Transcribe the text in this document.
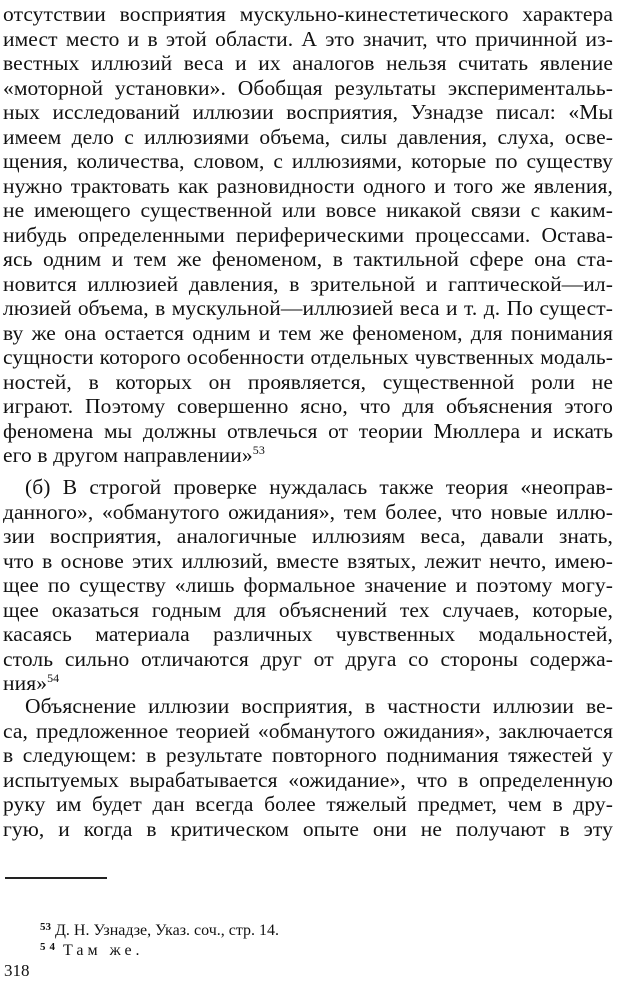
отсутствии восприятия мускульно-кинестетического характера
имест место и в этой области. А это значит, что причинной из-
вестных иллюзий веса и их аналогов нельзя считать явление
«моторной установки». Обобщая результаты экспериментальь-
ных исследований иллюзии восприятия, Узнадзе писал: «Мы
имеем дело с иллюзиями объема, силы давления, слуха, освe-
щения, количества, словом, с иллюзиями, которые по существу
нужно трактовать как разновидности одного и того же явления,
не имеющего существенной или вовсе никакой связи с каким-
нибудь определенными периферическими процессами. Остава-
ясь одним и тем же феноменом, в тактильной сфере она ста-
новится иллюзией давления, в зрительной и гаптической—ил-
люзией объема, в мускульной—иллюзией веса и т. д. По сущест-
ву же она остается одним и тем же феноменом, для понимания
сущности которого особенности отдельных чувственных модаль-
ностей, в которых он проявляется, существенной роли не
играют. Поэтому совершенно ясно, что для объяснения этого
феномена мы должны отвлечься от теории Мюллера и искать
его в другом направлении»$^{53}$

(б) В строгой проверке нуждалась также теория «неоправ-
данного», «обманутого ожидания», тем более, что новые иллю-
зии восприятия, аналогичные иллюзиям веса, давали знать,
что в основе этих иллюзий, вместе взятых, лежит нечто, имею-
щее по существу «лишь формальное значение и поэтому могу-
щее оказаться годным для объяснений тех случаев, которые,
касаясь материала различных чувственных модальностей,
столь сильно отличаются друг от друга со стороны содержа-
ния»$^{54}$

Объяснение иллюзии восприятия, в частности иллюзии ве-
са, предложенное теорией «обманутого ожидания», заключается
в следующем: в результате повторного поднимания тяжестей у
испытуемых вырабатывается «ожидание», что в определенную
руку им будет дан всегда более тяжелый предмет, чем в дру-
гую, и когда в критическом опыте они не получают в эту

$^{53}$ Д. Н. Узнадзе, Указ. соч., стр. 14.
$^{54}$ Там же.
318
